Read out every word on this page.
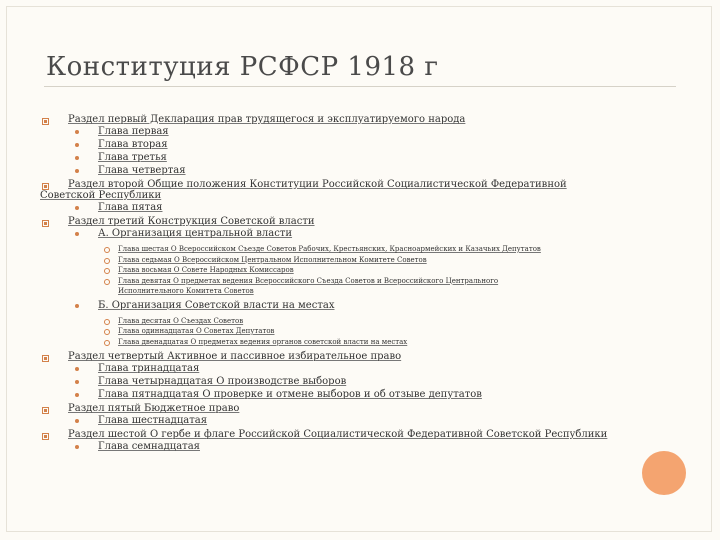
Конституция РСФСР 1918 г
Раздел первый Декларация прав трудящегося и эксплуатируемого народа
Глава первая
Глава вторая
Глава третья
Глава четвертая
Раздел второй Общие положения Конституции Российской Социалистической Федеративной
Советской Республики
Глава пятая
Раздел третий Конструкция Советской власти
А. Организация центральной власти
Глава шестая О Всероссийском Съезде Советов Рабочих, Крестьянских, Красноармейских и Казачьих Депутатов
Глава седьмая О Всероссийском Центральном Исполнительном Комитете Советов
Глава восьмая О Совете Народных Комиссаров
Глава девятая О предметах ведения Всероссийского Съезда Советов и Всероссийского Центрального
Исполнительного Комитета Советов
Б. Организация Советской власти на местах
Глава десятая О Съездах Советов
Глава одиннадцатая О Советах Депутатов
Глава двенадцатая О предметах ведения органов советской власти на местах
Раздел четвертый Активное и пассивное избирательное право
Глава тринадцатая
Глава четырнадцатая О производстве выборов
Глава пятнадцатая О проверке и отмене выборов и об отзыве депутатов
Раздел пятый Бюджетное право
Глава шестнадцатая
Раздел шестой О гербе и флаге Российской Социалистической Федеративной Советской Республики
Глава семнадцатая
